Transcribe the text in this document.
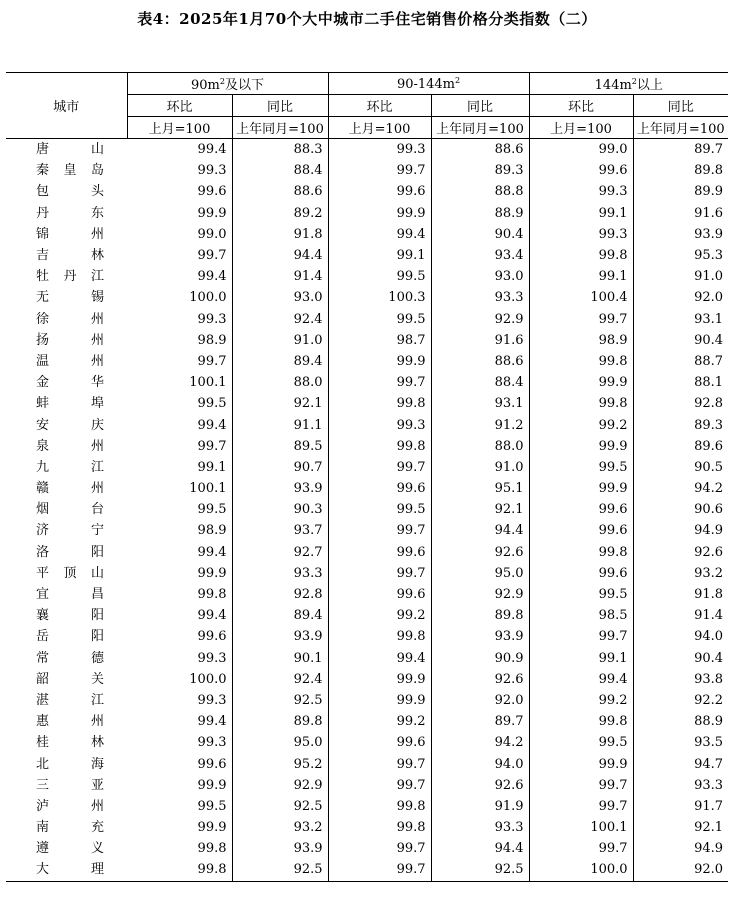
表4：2025年1月70个大中城市二手住宅销售价格分类指数（二）
城市	$90m^2$及以下		$90-144m^2$		$144m^2$以上	
	环比	同比	环比	同比	环比	同比
	上月=100	上年同月=100	上月=100	上年同月=100	上月=100	上年同月=100
唐山	99.4	88.3	99.3	88.6	99.0	89.7
秦皇岛	99.3	88.4	99.7	89.3	99.6	89.8
包头	99.6	88.6	99.6	88.8	99.3	89.9
丹东	99.9	89.2	99.9	88.9	99.1	91.6
锦州	99.0	91.8	99.4	90.4	99.3	93.9
吉林	99.7	94.4	99.1	93.4	99.8	95.3
牡丹江	99.4	91.4	99.5	93.0	99.1	91.0
无锡	100.0	93.0	100.3	93.3	100.4	92.0
徐州	99.3	92.4	99.5	92.9	99.7	93.1
扬州	98.9	91.0	98.7	91.6	98.9	90.4
温州	99.7	89.4	99.9	88.6	99.8	88.7
金华	100.1	88.0	99.7	88.4	99.9	88.1
蚌埠	99.5	92.1	99.8	93.1	99.8	92.8
安庆	99.4	91.1	99.3	91.2	99.2	89.3
泉州	99.7	89.5	99.8	88.0	99.9	89.6
九江	99.1	90.7	99.7	91.0	99.5	90.5
赣州	100.1	93.9	99.6	95.1	99.9	94.2
烟台	99.5	90.3	99.5	92.1	99.6	90.6
济宁	98.9	93.7	99.7	94.4	99.6	94.9
洛阳	99.4	92.7	99.6	92.6	99.8	92.6
平顶山	99.9	93.3	99.7	95.0	99.6	93.2
宜昌	99.8	92.8	99.6	92.9	99.5	91.8
襄阳	99.4	89.4	99.2	89.8	98.5	91.4
岳阳	99.6	93.9	99.8	93.9	99.7	94.0
常德	99.3	90.1	99.4	90.9	99.1	90.4
韶关	100.0	92.4	99.9	92.6	99.4	93.8
湛江	99.3	92.5	99.9	92.0	99.2	92.2
惠州	99.4	89.8	99.2	89.7	99.8	88.9
桂林	99.3	95.0	99.6	94.2	99.5	93.5
北海	99.6	95.2	99.7	94.0	99.9	94.7
三亚	99.9	92.9	99.7	92.6	99.7	93.3
泸州	99.5	92.5	99.8	91.9	99.7	91.7
南充	99.9	93.2	99.8	93.3	100.1	92.1
遵义	99.8	93.9	99.7	94.4	99.7	94.9
大理	99.8	92.5	99.7	92.5	100.0	92.0
